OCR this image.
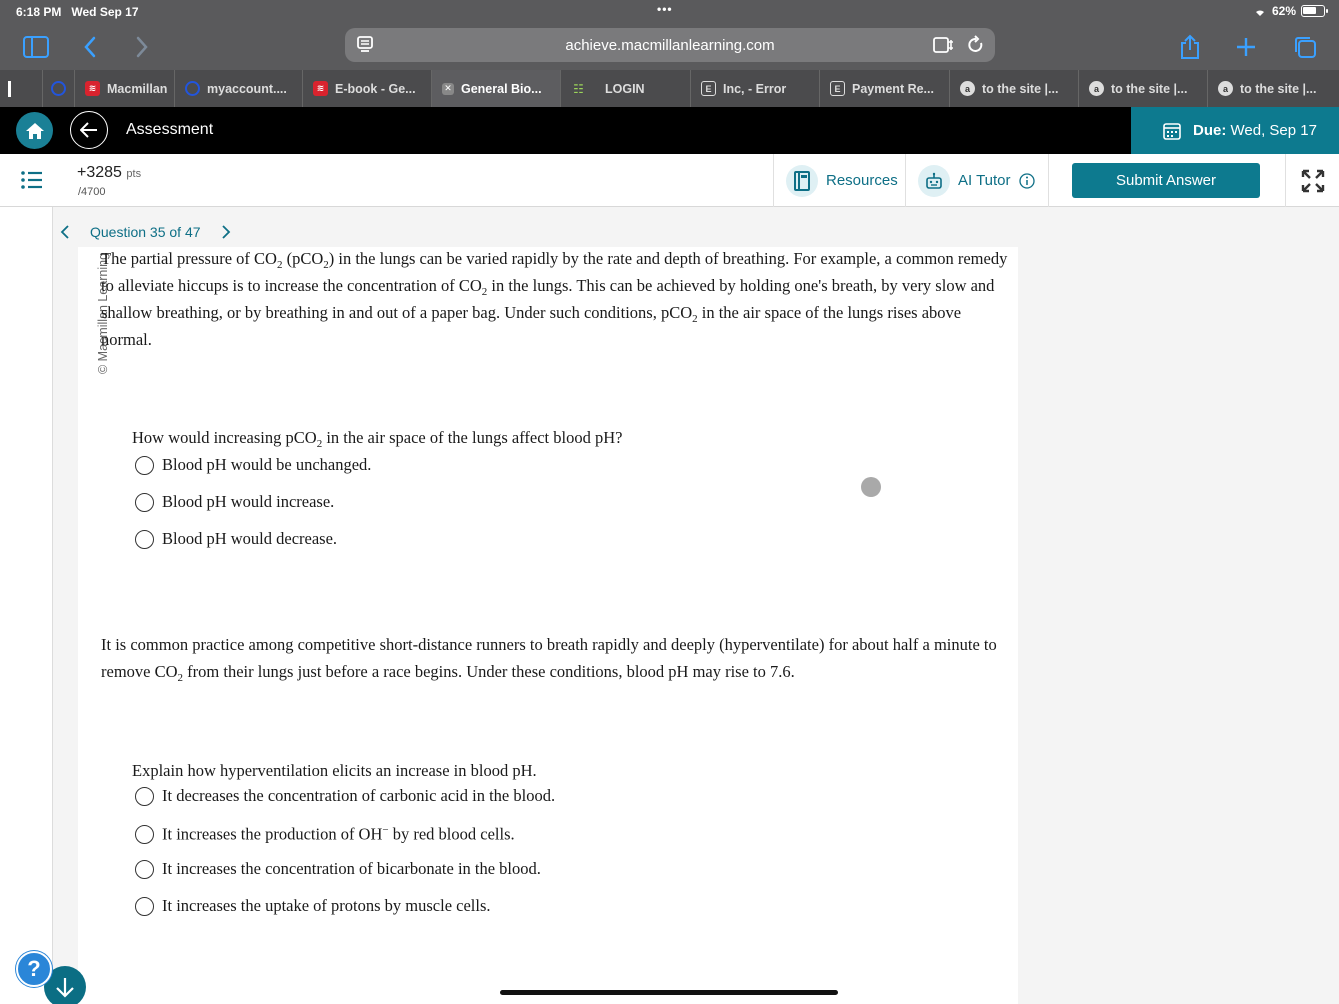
6:18 PM Wed Sep 17	•••	62%
achieve.macmillanlearning.com
≋ Macmillan	myaccount....	≋ E-book - Ge...	✕ General Bio...	☷	LOGIN	E Inc, - Error	E Payment Re...	a to the site |...	a to the site |...	a to the site |...
Assessment	Due: Wed, Sep 17
+3285 pts
/4700
Resources	AI Tutor	Submit Answer
Question 35 of 47
© Macmillan Learning
The partial pressure of $CO_2$ (pCO$_2$) in the lungs can be varied rapidly by the rate and depth of breathing. For example, a common remedy to alleviate hiccups is to increase the concentration of $CO_2$ in the lungs. This can be achieved by holding one's breath, by very slow and shallow breathing, or by breathing in and out of a paper bag. Under such conditions, pCO$_2$ in the air space of the lungs rises above normal.
How would increasing pCO$_2$ in the air space of the lungs affect blood pH?
Blood pH would be unchanged.
Blood pH would increase.
Blood pH would decrease.
It is common practice among competitive short-distance runners to breath rapidly and deeply (hyperventilate) for about half a minute to remove $CO_2$ from their lungs just before a race begins. Under these conditions, blood pH may rise to 7.6.
Explain how hyperventilation elicits an increase in blood pH.
It decreases the concentration of carbonic acid in the blood.
It increases the production of OH− by red blood cells.
It increases the concentration of bicarbonate in the blood.
It increases the uptake of protons by muscle cells.
?
